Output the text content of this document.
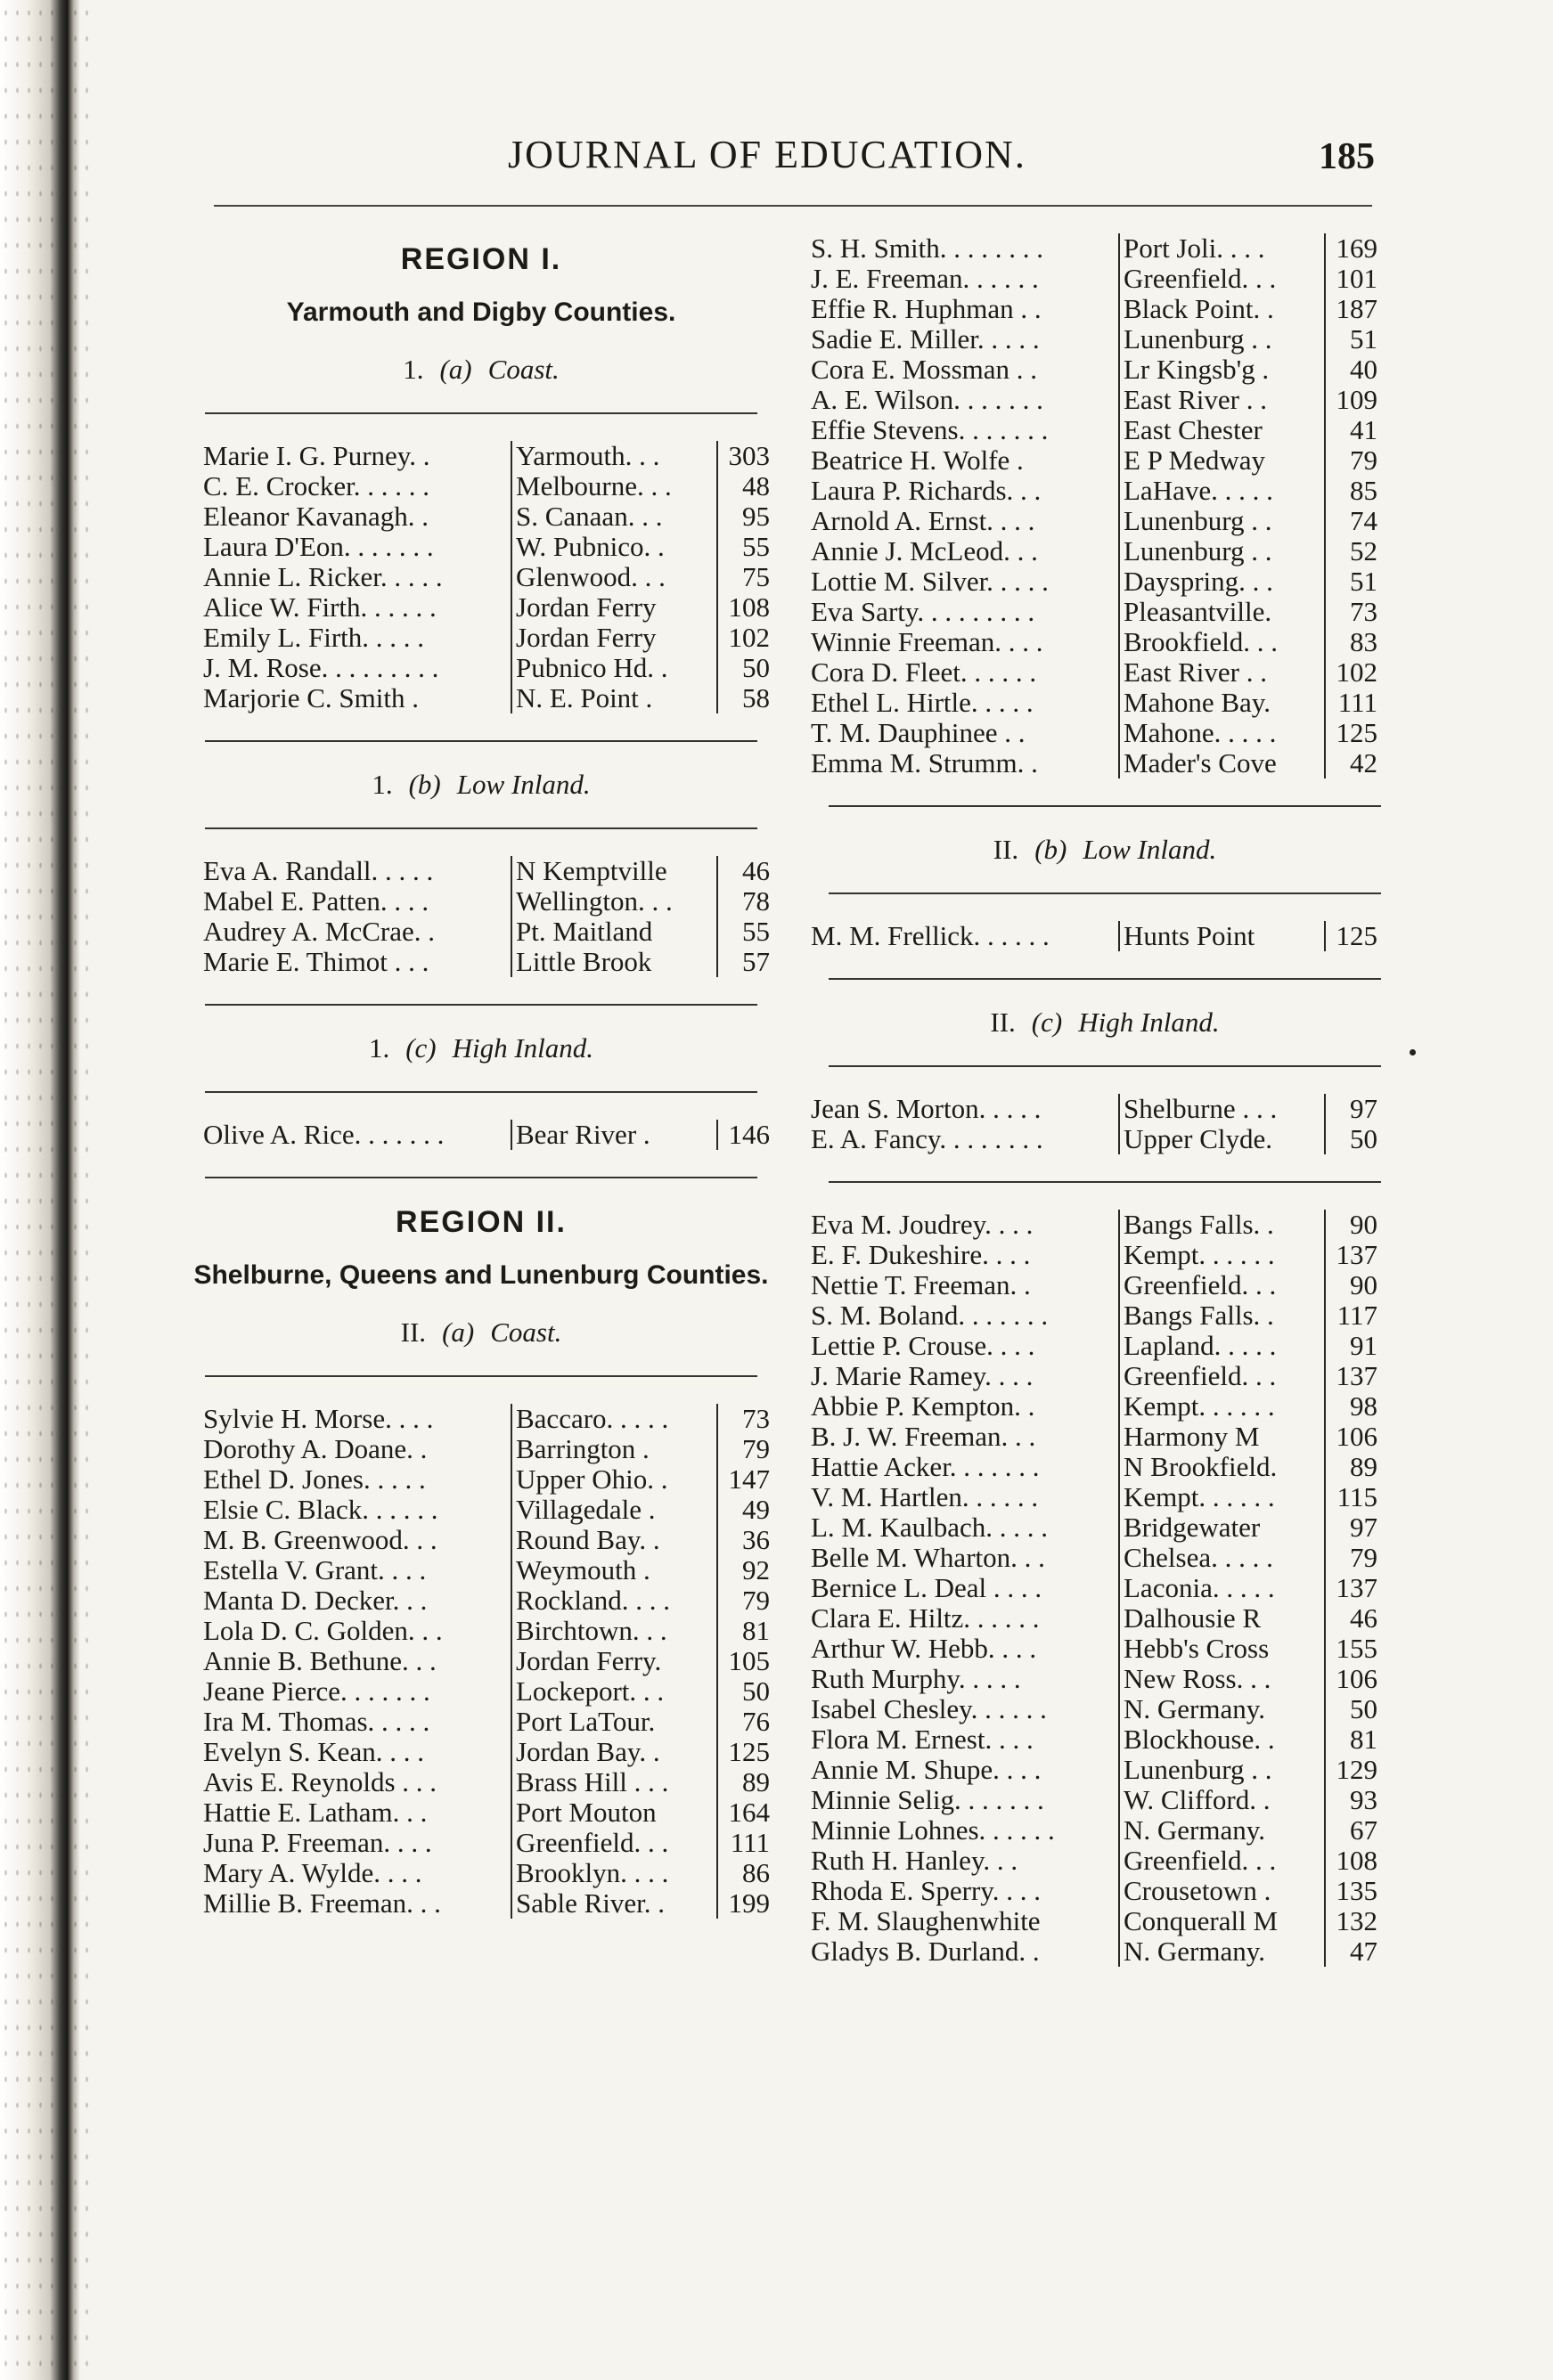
JOURNAL OF EDUCATION.	185
REGION I.
Yarmouth and Digby Counties.
1. (a) Coast.
Marie I. G. Purney. .	Yarmouth. . .	303
C. E. Crocker. . . . . .	Melbourne. . .	48
Eleanor Kavanagh. .	S. Canaan. . .	95
Laura D'Eon. . . . . . .	W. Pubnico. .	55
Annie L. Ricker. . . . .	Glenwood. . .	75
Alice W. Firth. . . . . .	Jordan Ferry	108
Emily L. Firth. . . . .	Jordan Ferry	102
J. M. Rose. . . . . . . . .	Pubnico Hd. .	50
Marjorie C. Smith .	N. E. Point .	58
1. (b) Low Inland.
Eva A. Randall. . . . .	N Kemptville	46
Mabel E. Patten. . . .	Wellington. . .	78
Audrey A. McCrae. .	Pt. Maitland	55
Marie E. Thimot . . .	Little Brook	57
1. (c) High Inland.
Olive A. Rice. . . . . . .	Bear River .	146
REGION II.
Shelburne, Queens and Lunenburg Counties.
II. (a) Coast.
Sylvie H. Morse. . . .	Baccaro. . . . .	73
Dorothy A. Doane. .	Barrington .	79
Ethel D. Jones. . . . .	Upper Ohio. .	147
Elsie C. Black. . . . . .	Villagedale .	49
M. B. Greenwood. . .	Round Bay. .	36
Estella V. Grant. . . .	Weymouth .	92
Manta D. Decker. . .	Rockland. . . .	79
Lola D. C. Golden. . .	Birchtown. . .	81
Annie B. Bethune. . .	Jordan Ferry.	105
Jeane Pierce. . . . . . .	Lockeport. . .	50
Ira M. Thomas. . . . .	Port LaTour.	76
Evelyn S. Kean. . . .	Jordan Bay. .	125
Avis E. Reynolds . . .	Brass Hill . . .	89
Hattie E. Latham. . .	Port Mouton	164
Juna P. Freeman. . . .	Greenfield. . .	111
Mary A. Wylde. . . .	Brooklyn. . . .	86
Millie B. Freeman. . .	Sable River. .	199
S. H. Smith. . . . . . . .	Port Joli. . . .	169
J. E. Freeman. . . . . .	Greenfield. . .	101
Effie R. Huphman . .	Black Point. .	187
Sadie E. Miller. . . . .	Lunenburg . .	51
Cora E. Mossman . .	Lr Kingsb'g .	40
A. E. Wilson. . . . . . .	East River . .	109
Effie Stevens. . . . . . .	East Chester	41
Beatrice H. Wolfe .	E P Medway	79
Laura P. Richards. . .	LaHave. . . . .	85
Arnold A. Ernst. . . .	Lunenburg . .	74
Annie J. McLeod. . .	Lunenburg . .	52
Lottie M. Silver. . . . .	Dayspring. . .	51
Eva Sarty. . . . . . . . .	Pleasantville.	73
Winnie Freeman. . . .	Brookfield. . .	83
Cora D. Fleet. . . . . .	East River . .	102
Ethel L. Hirtle. . . . .	Mahone Bay.	111
T. M. Dauphinee . .	Mahone. . . . .	125
Emma M. Strumm. .	Mader's Cove	42
II. (b) Low Inland.
M. M. Frellick. . . . . .	Hunts Point	125
II. (c) High Inland.
Jean S. Morton. . . . .	Shelburne . . .	97
E. A. Fancy. . . . . . . .	Upper Clyde.	50
Eva M. Joudrey. . . .	Bangs Falls. .	90
E. F. Dukeshire. . . .	Kempt. . . . . .	137
Nettie T. Freeman. .	Greenfield. . .	90
S. M. Boland. . . . . . .	Bangs Falls. .	117
Lettie P. Crouse. . . .	Lapland. . . . .	91
J. Marie Ramey. . . .	Greenfield. . .	137
Abbie P. Kempton. .	Kempt. . . . . .	98
B. J. W. Freeman. . .	Harmony M	106
Hattie Acker. . . . . . .	N Brookfield.	89
V. M. Hartlen. . . . . .	Kempt. . . . . .	115
L. M. Kaulbach. . . . .	Bridgewater	97
Belle M. Wharton. . .	Chelsea. . . . .	79
Bernice L. Deal . . . .	Laconia. . . . .	137
Clara E. Hiltz. . . . . .	Dalhousie R	46
Arthur W. Hebb. . . .	Hebb's Cross	155
Ruth Murphy. . . . .	New Ross. . .	106
Isabel Chesley. . . . . .	N. Germany.	50
Flora M. Ernest. . . .	Blockhouse. .	81
Annie M. Shupe. . . .	Lunenburg . .	129
Minnie Selig. . . . . . .	W. Clifford. .	93
Minnie Lohnes. . . . . .	N. Germany.	67
Ruth H. Hanley. . .	Greenfield. . .	108
Rhoda E. Sperry. . . .	Crousetown .	135
F. M. Slaughenwhite	Conquerall M	132
Gladys B. Durland. .	N. Germany.	47
